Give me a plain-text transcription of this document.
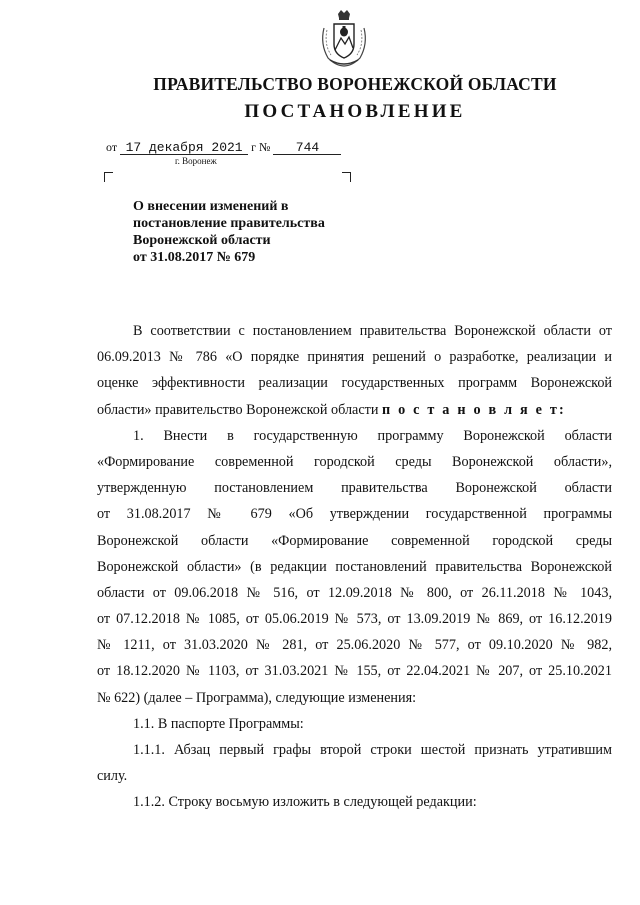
ПРАВИТЕЛЬСТВО ВОРОНЕЖСКОЙ ОБЛАСТИ
ПОСТАНОВЛЕНИЕ
от 17 декабря 2021 г № 744
г. Воронеж
О внесении изменений в
постановление правительства
Воронежской области
от 31.08.2017 № 679
В соответствии с постановлением правительства Воронежской области от
06.09.2013 № 786 «О порядке принятия решений о разработке, реализации и
оценке эффективности реализации государственных программ Воронежской
области» правительство Воронежской области п о с т а н о в л я е т:
1. Внести в государственную программу Воронежской области
«Формирование современной городской среды Воронежской области»,
утвержденную постановлением правительства Воронежской области
от 31.08.2017 № 679 «Об утверждении государственной программы
Воронежской области «Формирование современной городской среды
Воронежской области» (в редакции постановлений правительства Воронежской
области от 09.06.2018 № 516, от 12.09.2018 № 800, от 26.11.2018 № 1043,
от 07.12.2018 № 1085, от 05.06.2019 № 573, от 13.09.2019 № 869, от 16.12.2019
№ 1211, от 31.03.2020 № 281, от 25.06.2020 № 577, от 09.10.2020 № 982,
от 18.12.2020 № 1103, от 31.03.2021 № 155, от 22.04.2021 № 207, от 25.10.2021
№ 622) (далее – Программа), следующие изменения:
1.1. В паспорте Программы:
1.1.1. Абзац первый графы второй строки шестой признать утратившим
силу.
1.1.2. Строку восьмую изложить в следующей редакции:
